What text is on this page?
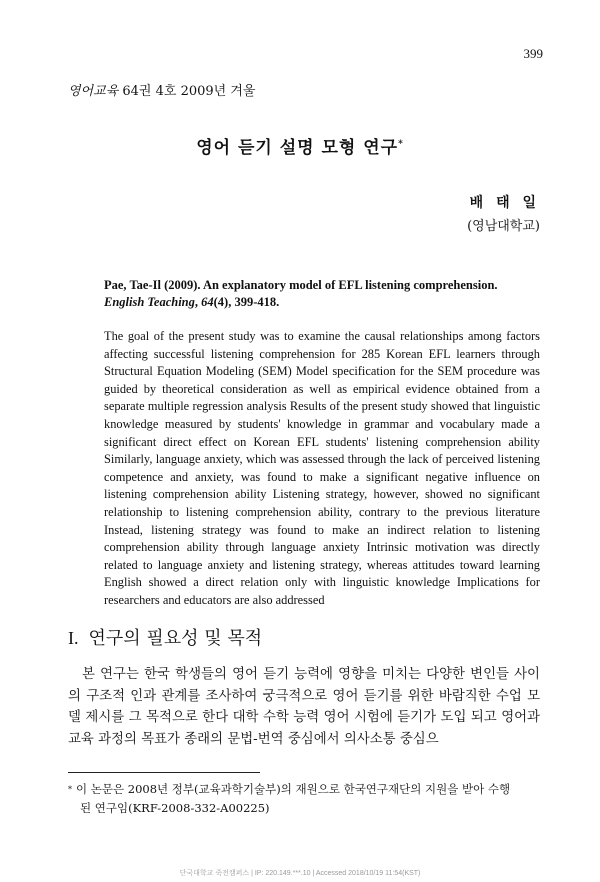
399
영어교육 64권 4호 2009년 겨울
영어 듣기 설명 모형 연구*
배 태 일
(영남대학교)
Pae, Tae-Il (2009). An explanatory model of EFL listening comprehension.
English Teaching, 64(4), 399-418.

The goal of the present study was to examine the causal relationships among factors affecting successful listening comprehension for 285 Korean EFL learners through Structural Equation Modeling (SEM) Model specification for the SEM procedure was guided by theoretical consideration as well as empirical evidence obtained from a separate multiple regression analysis Results of the present study showed that linguistic knowledge measured by students' knowledge in grammar and vocabulary made a significant direct effect on Korean EFL students' listening comprehension ability Similarly, language anxiety, which was assessed through the lack of perceived listening competence and anxiety, was found to make a significant negative influence on listening comprehension ability Listening strategy, however, showed no significant relationship to listening comprehension ability, contrary to the previous literature Instead, listening strategy was found to make an indirect relation to listening comprehension ability through language anxiety Intrinsic motivation was directly related to language anxiety and listening strategy, whereas attitudes toward learning English showed a direct relation only with linguistic knowledge Implications for researchers and educators are also addressed

I. 연구의 필요성 및 목적

본 연구는 한국 학생들의 영어 듣기 능력에 영향을 미치는 다양한 변인들 사이의 구조적 인과 관계를 조사하여 궁극적으로 영어 듣기를 위한 바람직한 수업 모델 제시를 그 목적으로 한다 대학 수학 능력 영어 시험에 듣기가 도입 되고 영어과 교육 과정의 목표가 종래의 문법-번역 중심에서 의사소통 중심으

* 이 논문은 2008년 정부(교육과학기술부)의 재원으로 한국연구재단의 지원을 받아 수행
된 연구임(KRF-2008-332-A00225)

단국대학교 죽전캠퍼스 | IP: 220.149.***.10 | Accessed 2018/10/19 11:54(KST)
